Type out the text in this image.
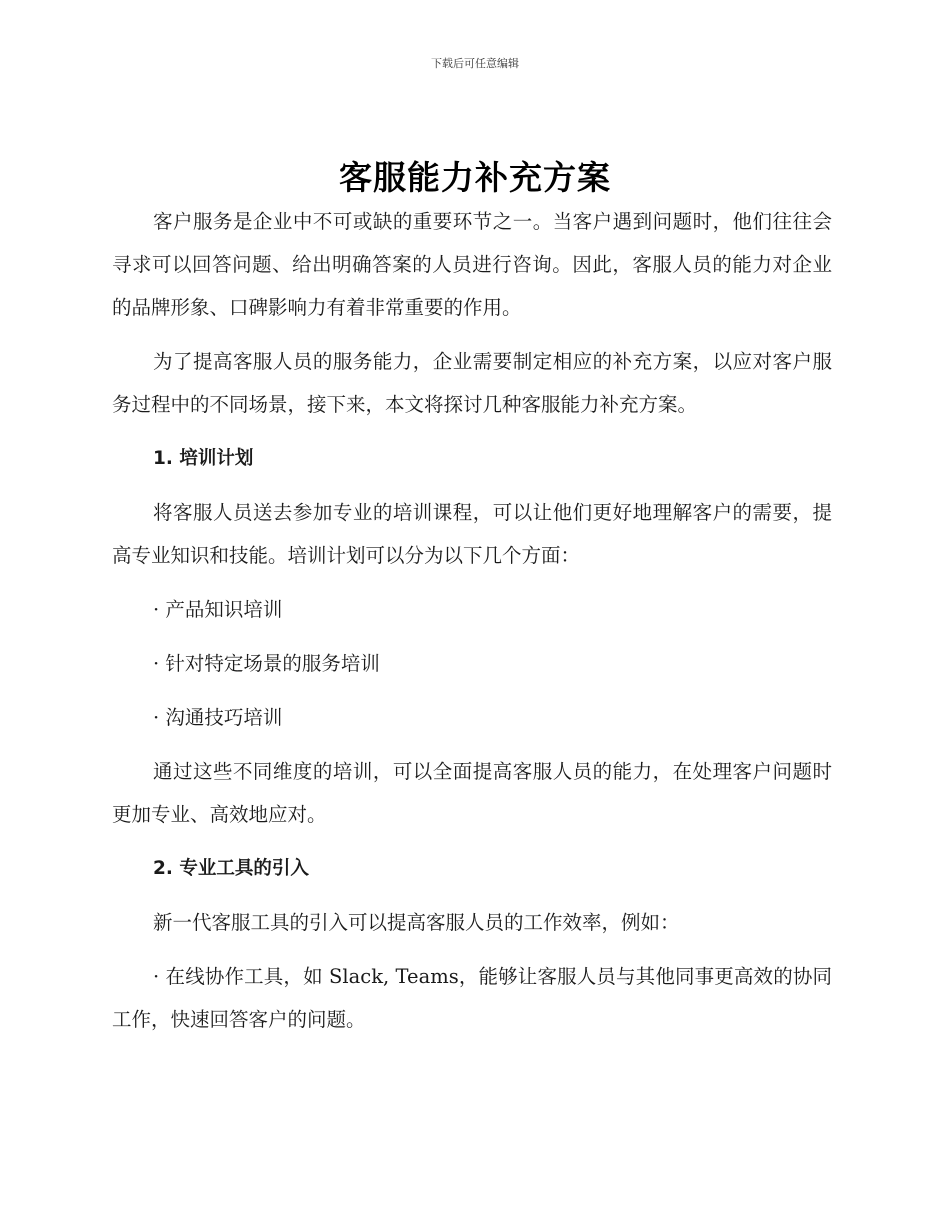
下载后可任意编辑
客服能力补充方案

客户服务是企业中不可或缺的重要环节之一。当客户遇到问题时，他们往往会寻求可以回答问题、给出明确答案的人员进行咨询。因此，客服人员的能力对企业的品牌形象、口碑影响力有着非常重要的作用。

为了提高客服人员的服务能力，企业需要制定相应的补充方案，以应对客户服务过程中的不同场景，接下来，本文将探讨几种客服能力补充方案。

1. 培训计划

将客服人员送去参加专业的培训课程，可以让他们更好地理解客户的需要，提高专业知识和技能。培训计划可以分为以下几个方面：

· 产品知识培训

· 针对特定场景的服务培训

· 沟通技巧培训

通过这些不同维度的培训，可以全面提高客服人员的能力，在处理客户问题时更加专业、高效地应对。

2. 专业工具的引入

新一代客服工具的引入可以提高客服人员的工作效率，例如：

· 在线协作工具，如 Slack, Teams，能够让客服人员与其他同事更高效的协同工作，快速回答客户的问题。
